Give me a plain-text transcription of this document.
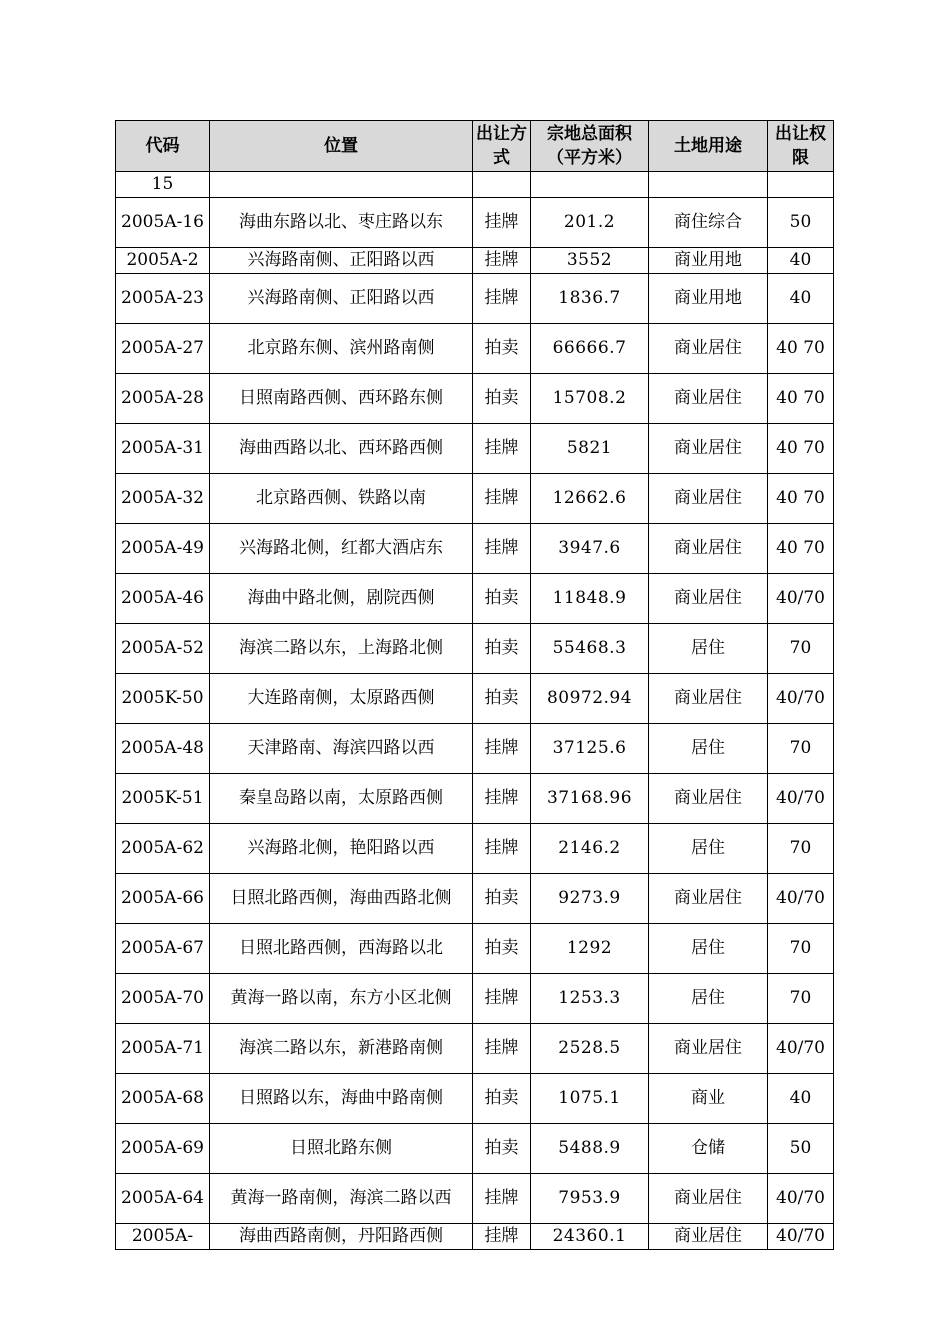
代码	位置	出让方式	宗地总面积（平方米）	土地用途	出让权限
15					
2005A-16	海曲东路以北、枣庄路以东	挂牌	201.2	商住综合	50
2005A-2	兴海路南侧、正阳路以西	挂牌	3552	商业用地	40
2005A-23	兴海路南侧、正阳路以西	挂牌	1836.7	商业用地	40
2005A-27	北京路东侧、滨州路南侧	拍卖	66666.7	商业居住	40 70
2005A-28	日照南路西侧、西环路东侧	拍卖	15708.2	商业居住	40 70
2005A-31	海曲西路以北、西环路西侧	挂牌	5821	商业居住	40 70
2005A-32	北京路西侧、铁路以南	挂牌	12662.6	商业居住	40 70
2005A-49	兴海路北侧，红都大酒店东	挂牌	3947.6	商业居住	40 70
2005A-46	海曲中路北侧，剧院西侧	拍卖	11848.9	商业居住	40/70
2005A-52	海滨二路以东，上海路北侧	拍卖	55468.3	居住	70
2005K-50	大连路南侧，太原路西侧	拍卖	80972.94	商业居住	40/70
2005A-48	天津路南、海滨四路以西	挂牌	37125.6	居住	70
2005K-51	秦皇岛路以南，太原路西侧	挂牌	37168.96	商业居住	40/70
2005A-62	兴海路北侧，艳阳路以西	挂牌	2146.2	居住	70
2005A-66	日照北路西侧，海曲西路北侧	拍卖	9273.9	商业居住	40/70
2005A-67	日照北路西侧，西海路以北	拍卖	1292	居住	70
2005A-70	黄海一路以南，东方小区北侧	挂牌	1253.3	居住	70
2005A-71	海滨二路以东，新港路南侧	挂牌	2528.5	商业居住	40/70
2005A-68	日照路以东，海曲中路南侧	拍卖	1075.1	商业	40
2005A-69	日照北路东侧	拍卖	5488.9	仓储	50
2005A-64	黄海一路南侧，海滨二路以西	挂牌	7953.9	商业居住	40/70
2005A-	海曲西路南侧，丹阳路西侧	挂牌	24360.1	商业居住	40/70
